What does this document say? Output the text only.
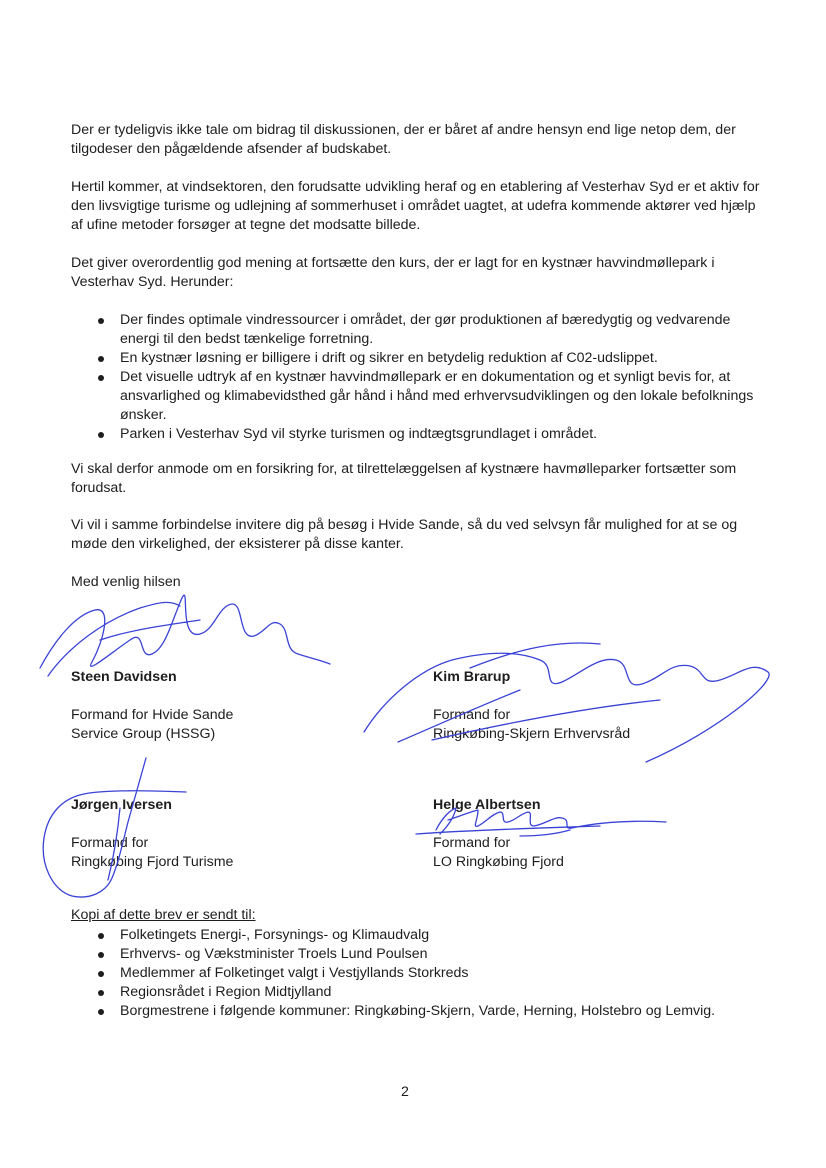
Der er tydeligvis ikke tale om bidrag til diskussionen, der er båret af andre hensyn end lige netop dem, der tilgodeser den pågældende afsender af budskabet.

Hertil kommer, at vindsektoren, den forudsatte udvikling heraf og en etablering af Vesterhav Syd er et aktiv for den livsvigtige turisme og udlejning af sommerhuset i området uagtet, at udefra kommende aktører ved hjælp af ufine metoder forsøger at tegne det modsatte billede.

Det giver overordentlig god mening at fortsætte den kurs, der er lagt for en kystnær havvindmøllepark i Vesterhav Syd. Herunder:

Der findes optimale vindressourcer i området, der gør produktionen af bæredygtig og vedvarende energi til den bedst tænkelige forretning.
En kystnær løsning er billigere i drift og sikrer en betydelig reduktion af C02-udslippet.
Det visuelle udtryk af en kystnær havvindmøllepark er en dokumentation og et synligt bevis for, at ansvarlighed og klimabevidsthed går hånd i hånd med erhvervsudviklingen og den lokale befolknings ønsker.
Parken i Vesterhav Syd vil styrke turismen og indtægtsgrundlaget i området.

Vi skal derfor anmode om en forsikring for, at tilrettelæggelsen af kystnære havmølleparker fortsætter som forudsat.

Vi vil i samme forbindelse invitere dig på besøg i Hvide Sande, så du ved selvsyn får mulighed for at se og møde den virkelighed, der eksisterer på disse kanter.

Med venlig hilsen

Steen Davidsen
Formand for Hvide Sande
Service Group (HSSG)
Kim Brarup
Formand for
Ringkøbing-Skjern Erhvervsråd
Jørgen Iversen
Formand for
Ringkøbing Fjord Turisme
Helge Albertsen
Formand for
LO Ringkøbing Fjord
Kopi af dette brev er sendt til:
Folketingets Energi-, Forsynings- og Klimaudvalg
Erhvervs- og Vækstminister Troels Lund Poulsen
Medlemmer af Folketinget valgt i Vestjyllands Storkreds
Regionsrådet i Region Midtjylland
Borgmestrene i følgende kommuner: Ringkøbing-Skjern, Varde, Herning, Holstebro og Lemvig.
2
